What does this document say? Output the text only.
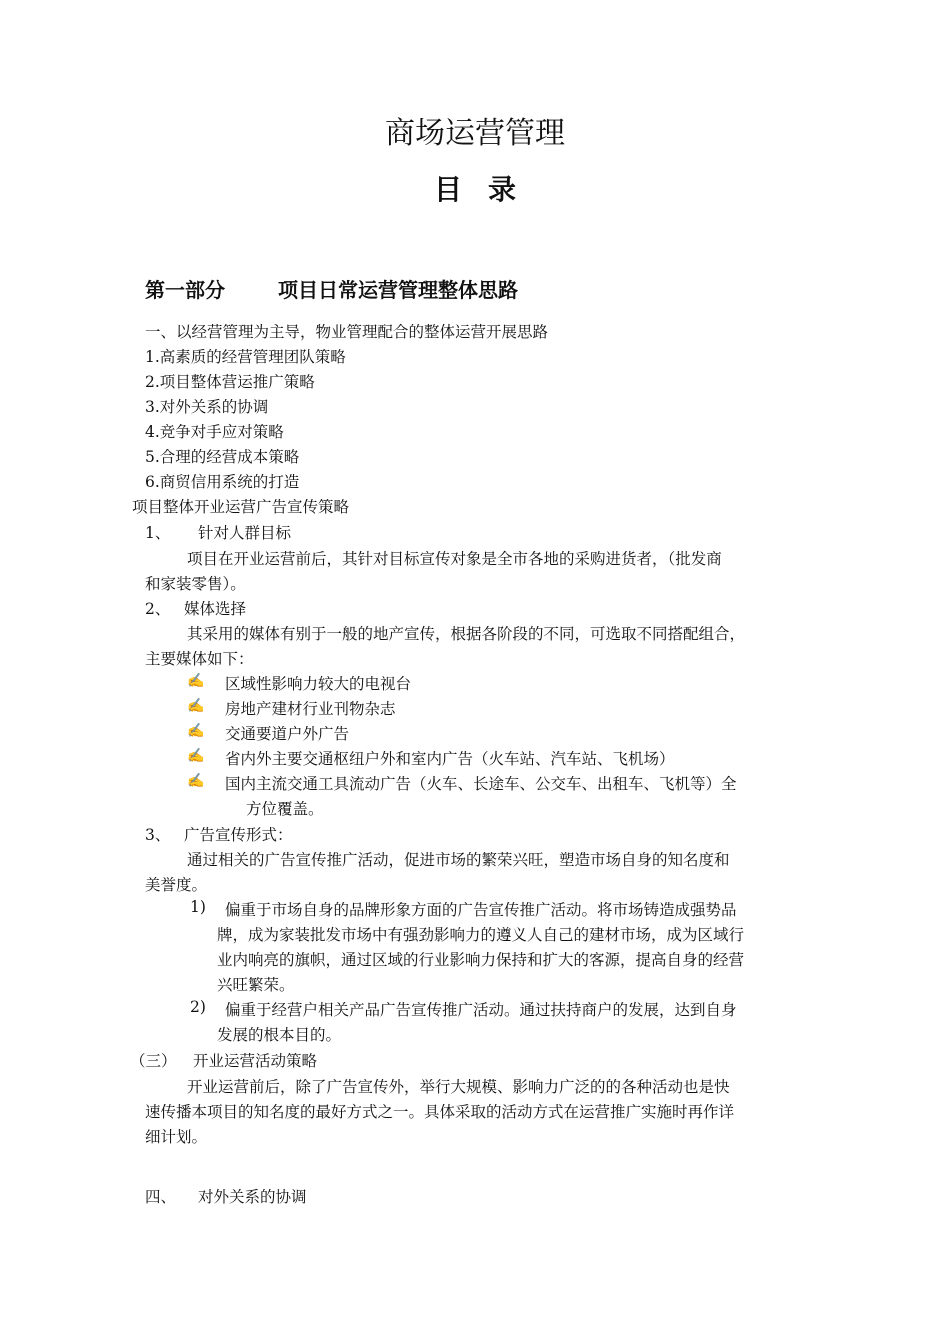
商场运营管理
目录
第一部分	项目日常运营管理整体思路
一、以经营管理为主导，物业管理配合的整体运营开展思路
1.高素质的经营管理团队策略
2.项目整体营运推广策略
3.对外关系的协调
4.竞争对手应对策略
5.合理的经营成本策略
6.商贸信用系统的打造
项目整体开业运营广告宣传策略
1、 针对人群目标
项目在开业运营前后，其针对目标宣传对象是全市各地的采购进货者，（批发商
和家装零售）。
2、 媒体选择
其采用的媒体有别于一般的地产宣传，根据各阶段的不同，可选取不同搭配组合，
主要媒体如下：
✍ 区域性影响力较大的电视台
✍ 房地产建材行业刊物杂志
✍ 交通要道户外广告
✍ 省内外主要交通枢纽户外和室内广告（火车站、汽车站、飞机场）
✍ 国内主流交通工具流动广告（火车、长途车、公交车、出租车、飞机等）全
方位覆盖。
3、 广告宣传形式：
通过相关的广告宣传推广活动，促进市场的繁荣兴旺，塑造市场自身的知名度和
美誉度。
1) 偏重于市场自身的品牌形象方面的广告宣传推广活动。将市场铸造成强势品
牌，成为家装批发市场中有强劲影响力的遵义人自己的建材市场，成为区域行
业内响亮的旗帜，通过区域的行业影响力保持和扩大的客源，提高自身的经营
兴旺繁荣。
2) 偏重于经营户相关产品广告宣传推广活动。通过扶持商户的发展，达到自身
发展的根本目的。
（三） 开业运营活动策略
开业运营前后，除了广告宣传外，举行大规模、影响力广泛的的各种活动也是快
速传播本项目的知名度的最好方式之一。具体采取的活动方式在运营推广实施时再作详
细计划。
四、 对外关系的协调
